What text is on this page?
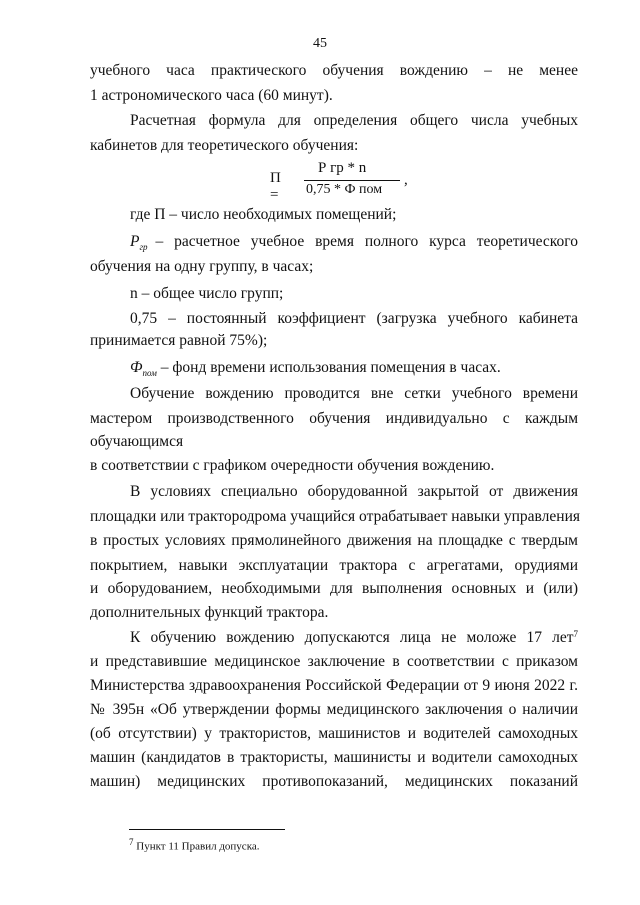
45
учебного часа практического обучения вождению – не менее
1 астрономического часа (60 минут).
Расчетная формула для определения общего числа учебных
кабинетов для теоретического обучения:
П =
Р гр * n
0,75 * Ф пом
,
где П – число необходимых помещений;
$Р_{гр}$ – расчетное учебное время полного курса теоретического
обучения на одну группу, в часах;
n – общее число групп;
0,75 – постоянный коэффициент (загрузка учебного кабинета
принимается равной 75%);
$Ф_{пом}$ – фонд времени использования помещения в часах.
Обучение вождению проводится вне сетки учебного времени
мастером производственного обучения индивидуально с каждым
обучающимся
в соответствии с графиком очередности обучения вождению.
В условиях специально оборудованной закрытой от движения
площадки или трактородрома учащийся отрабатывает навыки управления
в простых условиях прямолинейного движения на площадке с твердым
покрытием, навыки эксплуатации трактора с агрегатами, орудиями
и оборудованием, необходимыми для выполнения основных и (или)
дополнительных функций трактора.
К обучению вождению допускаются лица не моложе 17 лет 7
и представившие медицинское заключение в соответствии с приказом
Министерства здравоохранения Российской Федерации от 9 июня 2022 г.
№ 395н «Об утверждении формы медицинского заключения о наличии
(об отсутствии) у трактористов, машинистов и водителей самоходных
машин (кандидатов в трактористы, машинисты и водители самоходных
машин) медицинских противопоказаний, медицинских показаний
$^7$ Пункт 11 Правил допуска.
